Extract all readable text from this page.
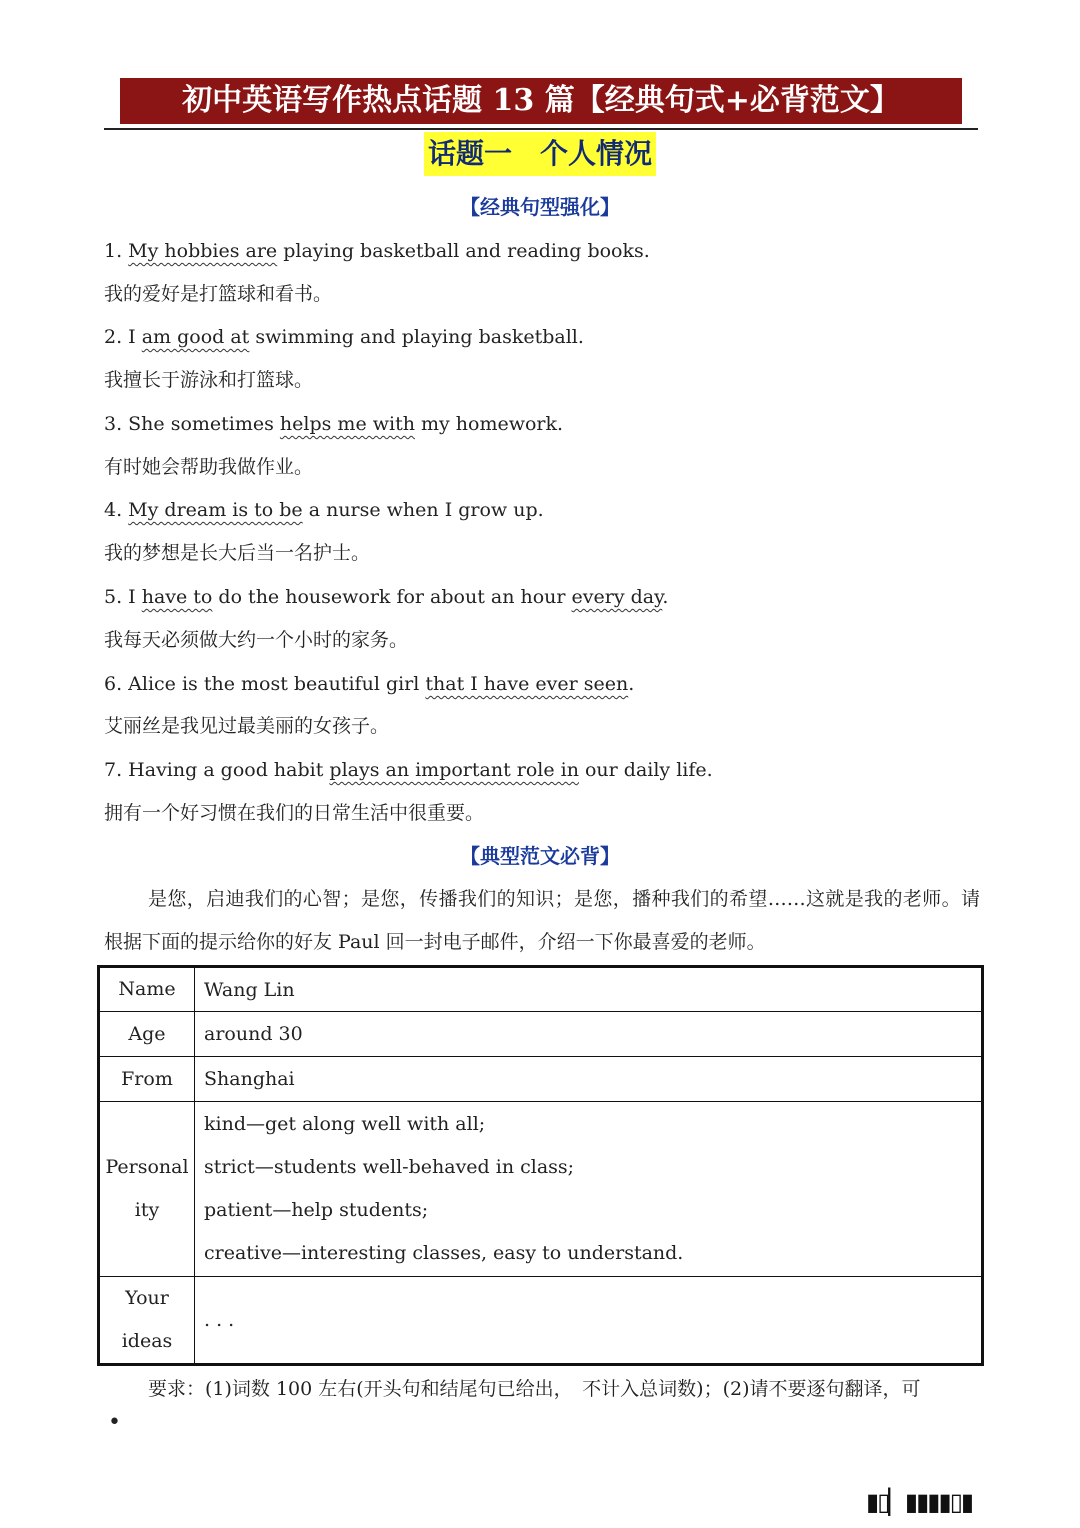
初中英语写作热点话题 13 篇【经典句式+必背范文】
话题一　个人情况
【经典句型强化】
1. My hobbies are playing basketball and reading books.
我的爱好是打篮球和看书。
2. I am good at swimming and playing basketball.
我擅长于游泳和打篮球。
3. She sometimes helps me with my homework.
有时她会帮助我做作业。
4. My dream is to be a nurse when I grow up.
我的梦想是长大后当一名护士。
5. I have to do the housework for about an hour every day.
我每天必须做大约一个小时的家务。
6. Alice is the most beautiful girl that I have ever seen.
艾丽丝是我见过最美丽的女孩子。
7. Having a good habit plays an important role in our daily life.
拥有一个好习惯在我们的日常生活中很重要。
【典型范文必背】
是您，启迪我们的心智；是您，传播我们的知识；是您，播种我们的希望……这就是我的老师。请根据下面的提示给你的好友 Paul 回一封电子邮件，介绍一下你最喜爱的老师。
Name	Wang Lin
Age	around 30
From	Shanghai
Personality	kind—get along well with all;
strict—students well-behaved in class;
patient—help students;
creative—interesting classes, easy to understand.

Your ideas	. . .
要求：(1)词数 100 左右(开头句和结尾句已给出，　不计入总词数)；(2)请不要逐句翻译，可
•
▮▯▏▮▮▮▮▯▮
